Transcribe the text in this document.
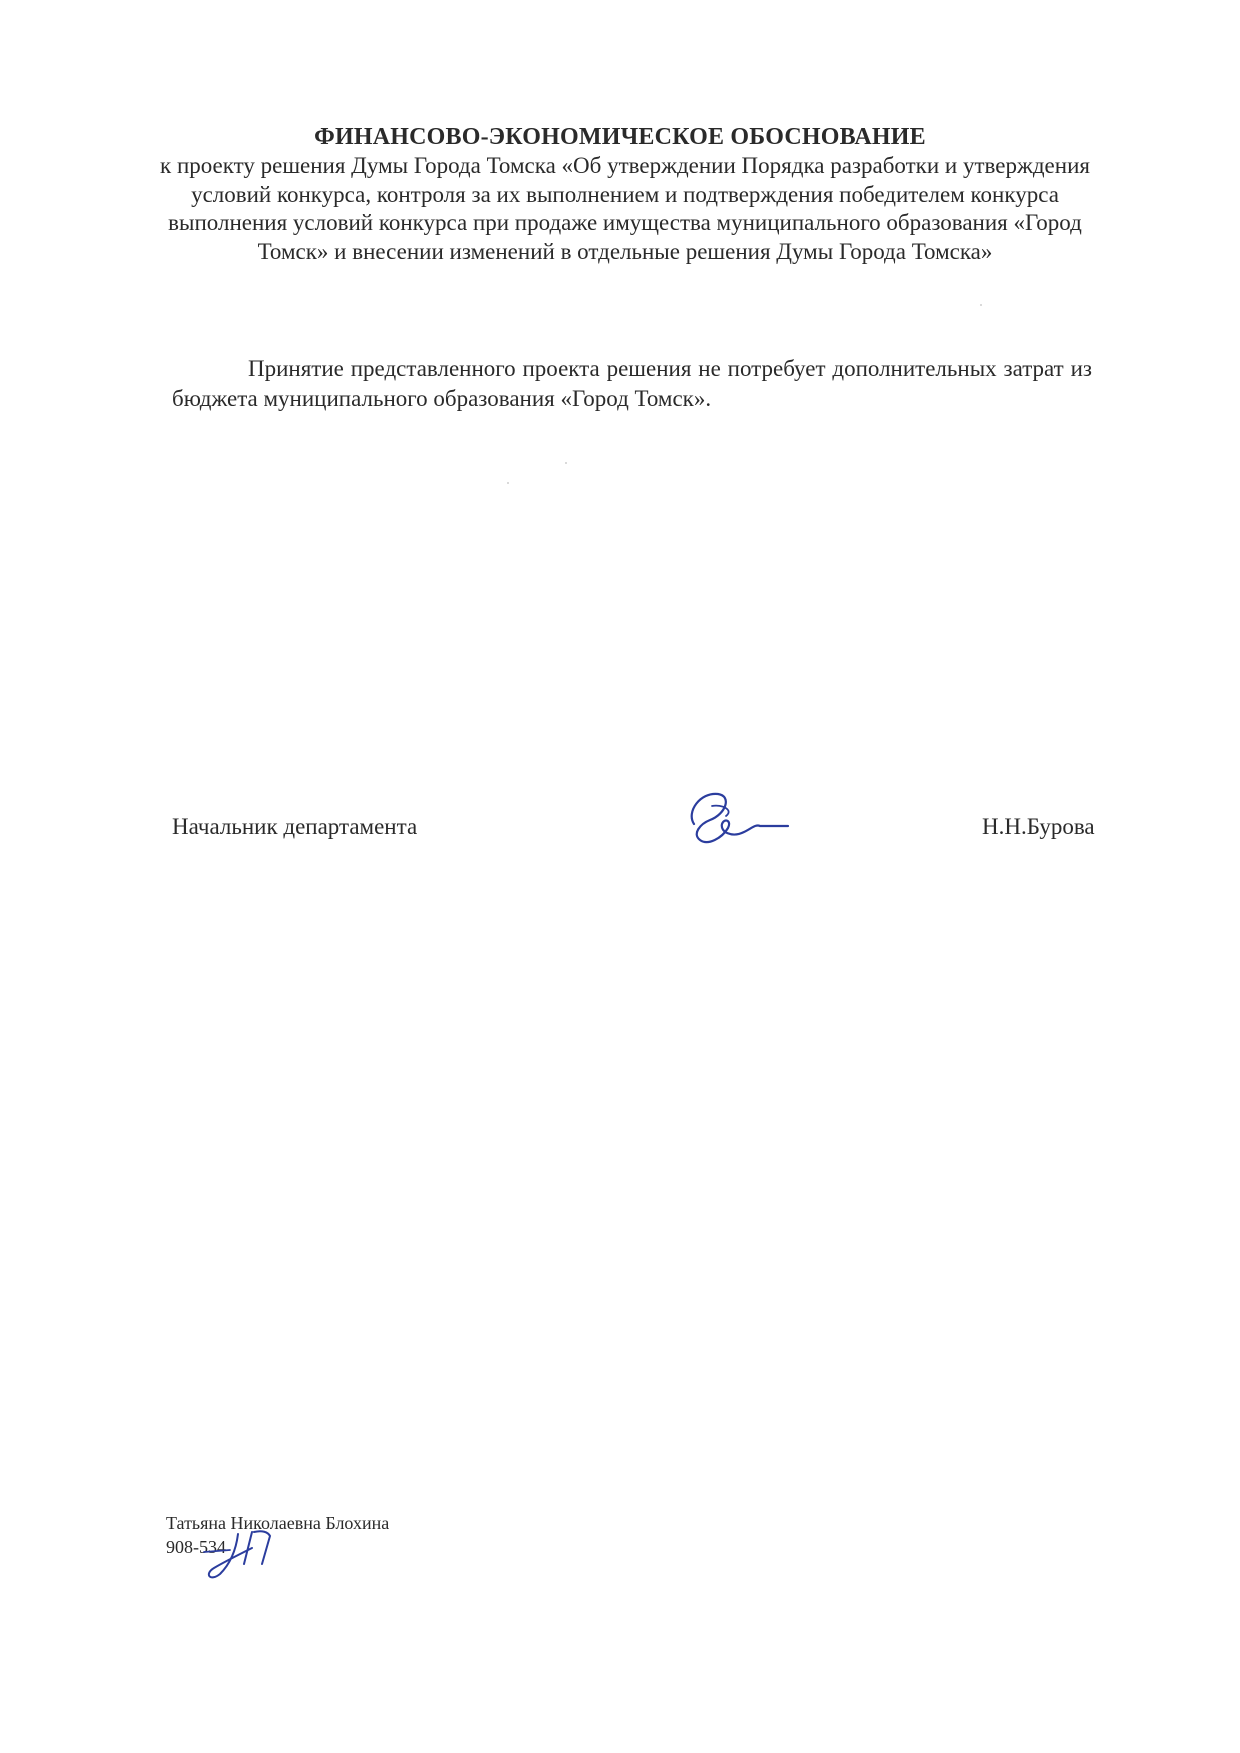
ФИНАНСОВО-ЭКОНОМИЧЕСКОЕ ОБОСНОВАНИЕ
к проекту решения Думы Города Томска «Об утверждении Порядка разработки и утверждения условий конкурса, контроля за их выполнением и подтверждения победителем конкурса выполнения условий конкурса при продаже имущества муниципального образования «Город Томск» и внесении изменений в отдельные решения Думы Города Томска»
Принятие представленного проекта решения не потребует дополнительных затрат из бюджета муниципального образования «Город Томск».
Начальник департамента	Н.Н.Бурова
Татьяна Николаевна Блохина
908-534
